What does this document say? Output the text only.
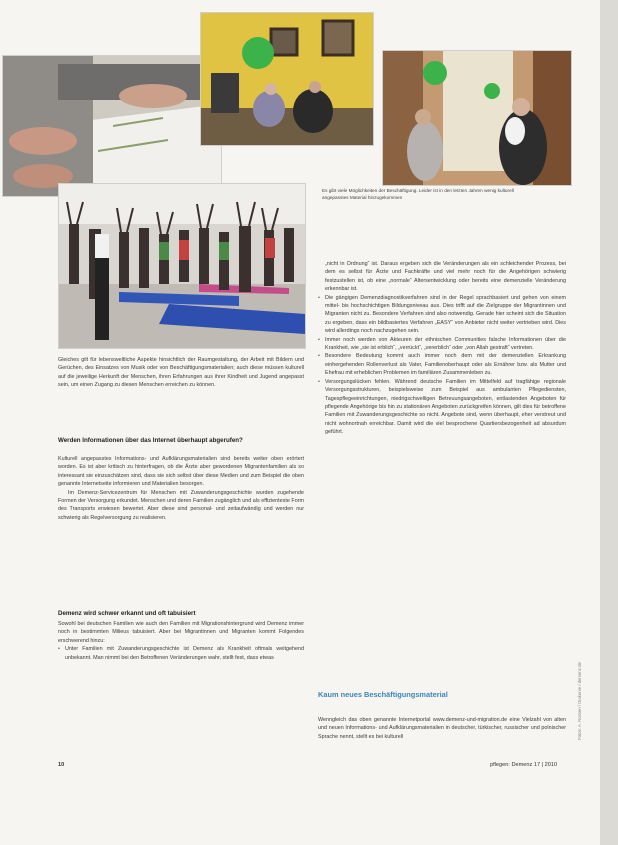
Es gibt viele Möglichkeiten der Beschäftigung. Leider ist in den letzten Jahren wenig kulturell angepasstes Material hinzugekommen

Gleiches gilt für lebensweltliche Aspekte hinsichtlich der Raumgestaltung, der Arbeit mit Bildern und Gerüchen, des Einsatzes von Musik oder von Beschäftigungsmaterialien; auch diese müssen kulturell auf die jeweilige Herkunft der Menschen, ihren Erfahrungen aus ihrer Kindheit und Jugend angepasst sein, um einen Zugang zu diesen Menschen erreichen zu können.

Werden Informationen über das Internet überhaupt abgerufen?

Kulturell angepasstes Informations- und Aufklärungsmaterialien sind bereits weiter oben erörtert worden. Es ist aber kritisch zu hinterfragen, ob die Ärzte aber gewordenen Migrantenfamilien als so interessant sie einzuschätzen sind, dass sie sich selbst über diese Medien und zum Beispiel die oben genannte Internetseite informieren und Materialien besorgen.

Im Demenz-Servicezentrum für Menschen mit Zuwanderungsgeschichte wurden zugehende Formen der Versorgung erkundet. Menschen und deren Familien zugänglich und als effizienteste Form des Transports erwiesen bewertet. Aber diese sind personal- und zeitaufwändig und werden nur schwierig als Regelversorgung zu realisieren.

Demenz wird schwer erkannt und oft tabuisiert

Sowohl bei deutschen Familien wie auch den Familien mit Migrationshintergrund wird Demenz immer noch in bestimmten Milieus tabuisiert. Aber bei Migrantinnen und Migranten kommt Folgendes erschwerend hinzu:

• Unter Familien mit Zuwanderungsgeschichte ist Demenz als Krankheit oftmals weitgehend unbekannt. Man nimmt bei den Betroffenen Veränderungen wahr, stellt fest, dass etwas

„nicht in Ordnung“ ist. Daraus ergeben sich die Veränderungen als ein schleichender Prozess, bei dem es selbst für Ärzte und Fachkräfte und viel mehr noch für die Angehörigen schwierig festzustellen ist, ob eine „normale“ Altersentwicklung oder bereits eine demenzielle Veränderung erkennbar ist.

• Die gängigen Demenzdiagnostikverfahren sind in der Regel sprachbasiert und gehen von einem mittel- bis hochschichtigen Bildungsniveau aus. Dies trifft auf die Zielgruppe der Migrantinnen und Migranten nicht zu. Besondere Verfahren sind also notwendig. Gerade hier scheint sich die Situation zu ergeben, dass ein bildbasiertes Verfahren „EASY“ von Anbieter nicht weiter vertrieben wird. Dies wird allerdings noch nachzugehen sein.
• Immer noch werden von Akteuren der ethnischen Communities falsche Informationen über die Krankheit, wie „sie ist erblich“, „verrückt“, „vererblich“ oder „von Allah gestraft“ vertreten.
• Besondere Bedeutung kommt auch immer noch dem mit der demenziellen Erkrankung einhergehenden Rollenverlust als Vater, Familienoberhaupt oder als Ernährer bzw. als Mutter und Ehefrau mit erheblichen Problemen im familiären Zusammenleben zu.
• Versorgungslücken fehlen. Während deutsche Familien im Mittelfeld auf tragfähige regionale Versorgungsstrukturen, beispielsweise zum Beispiel aus ambulanten Pflegediensten, Tagespflegeeinrichtungen, niedrigschwelligen Betreuungsangeboten, entlastenden Angeboten für pflegende Angehörige bis hin zu stationären Angeboten zurückgreifen können, gilt dies für betroffene Familien mit Zuwanderungsgeschichte so nicht. Angebote sind, wenn überhaupt, eher verstreut und nicht wohnortnah erreichbar. Damit wird die viel besprochene Quartiersbezogenheit ad absurdum geführt.
Kaum neues Beschäftigungsmaterial

Wenngleich das oben genannte Internetportal www.demenz-und-migration.de eine Vielzahl von alten und neuen Informations- und Aufklärungsmaterialien in deutscher, türkischer, russischer und polnischer Sprache nennt, stellt es bei kulturell	Fotos: A. Rossen / Diakonie / demenz.de
10	pflegen: Demenz 17 | 2010
